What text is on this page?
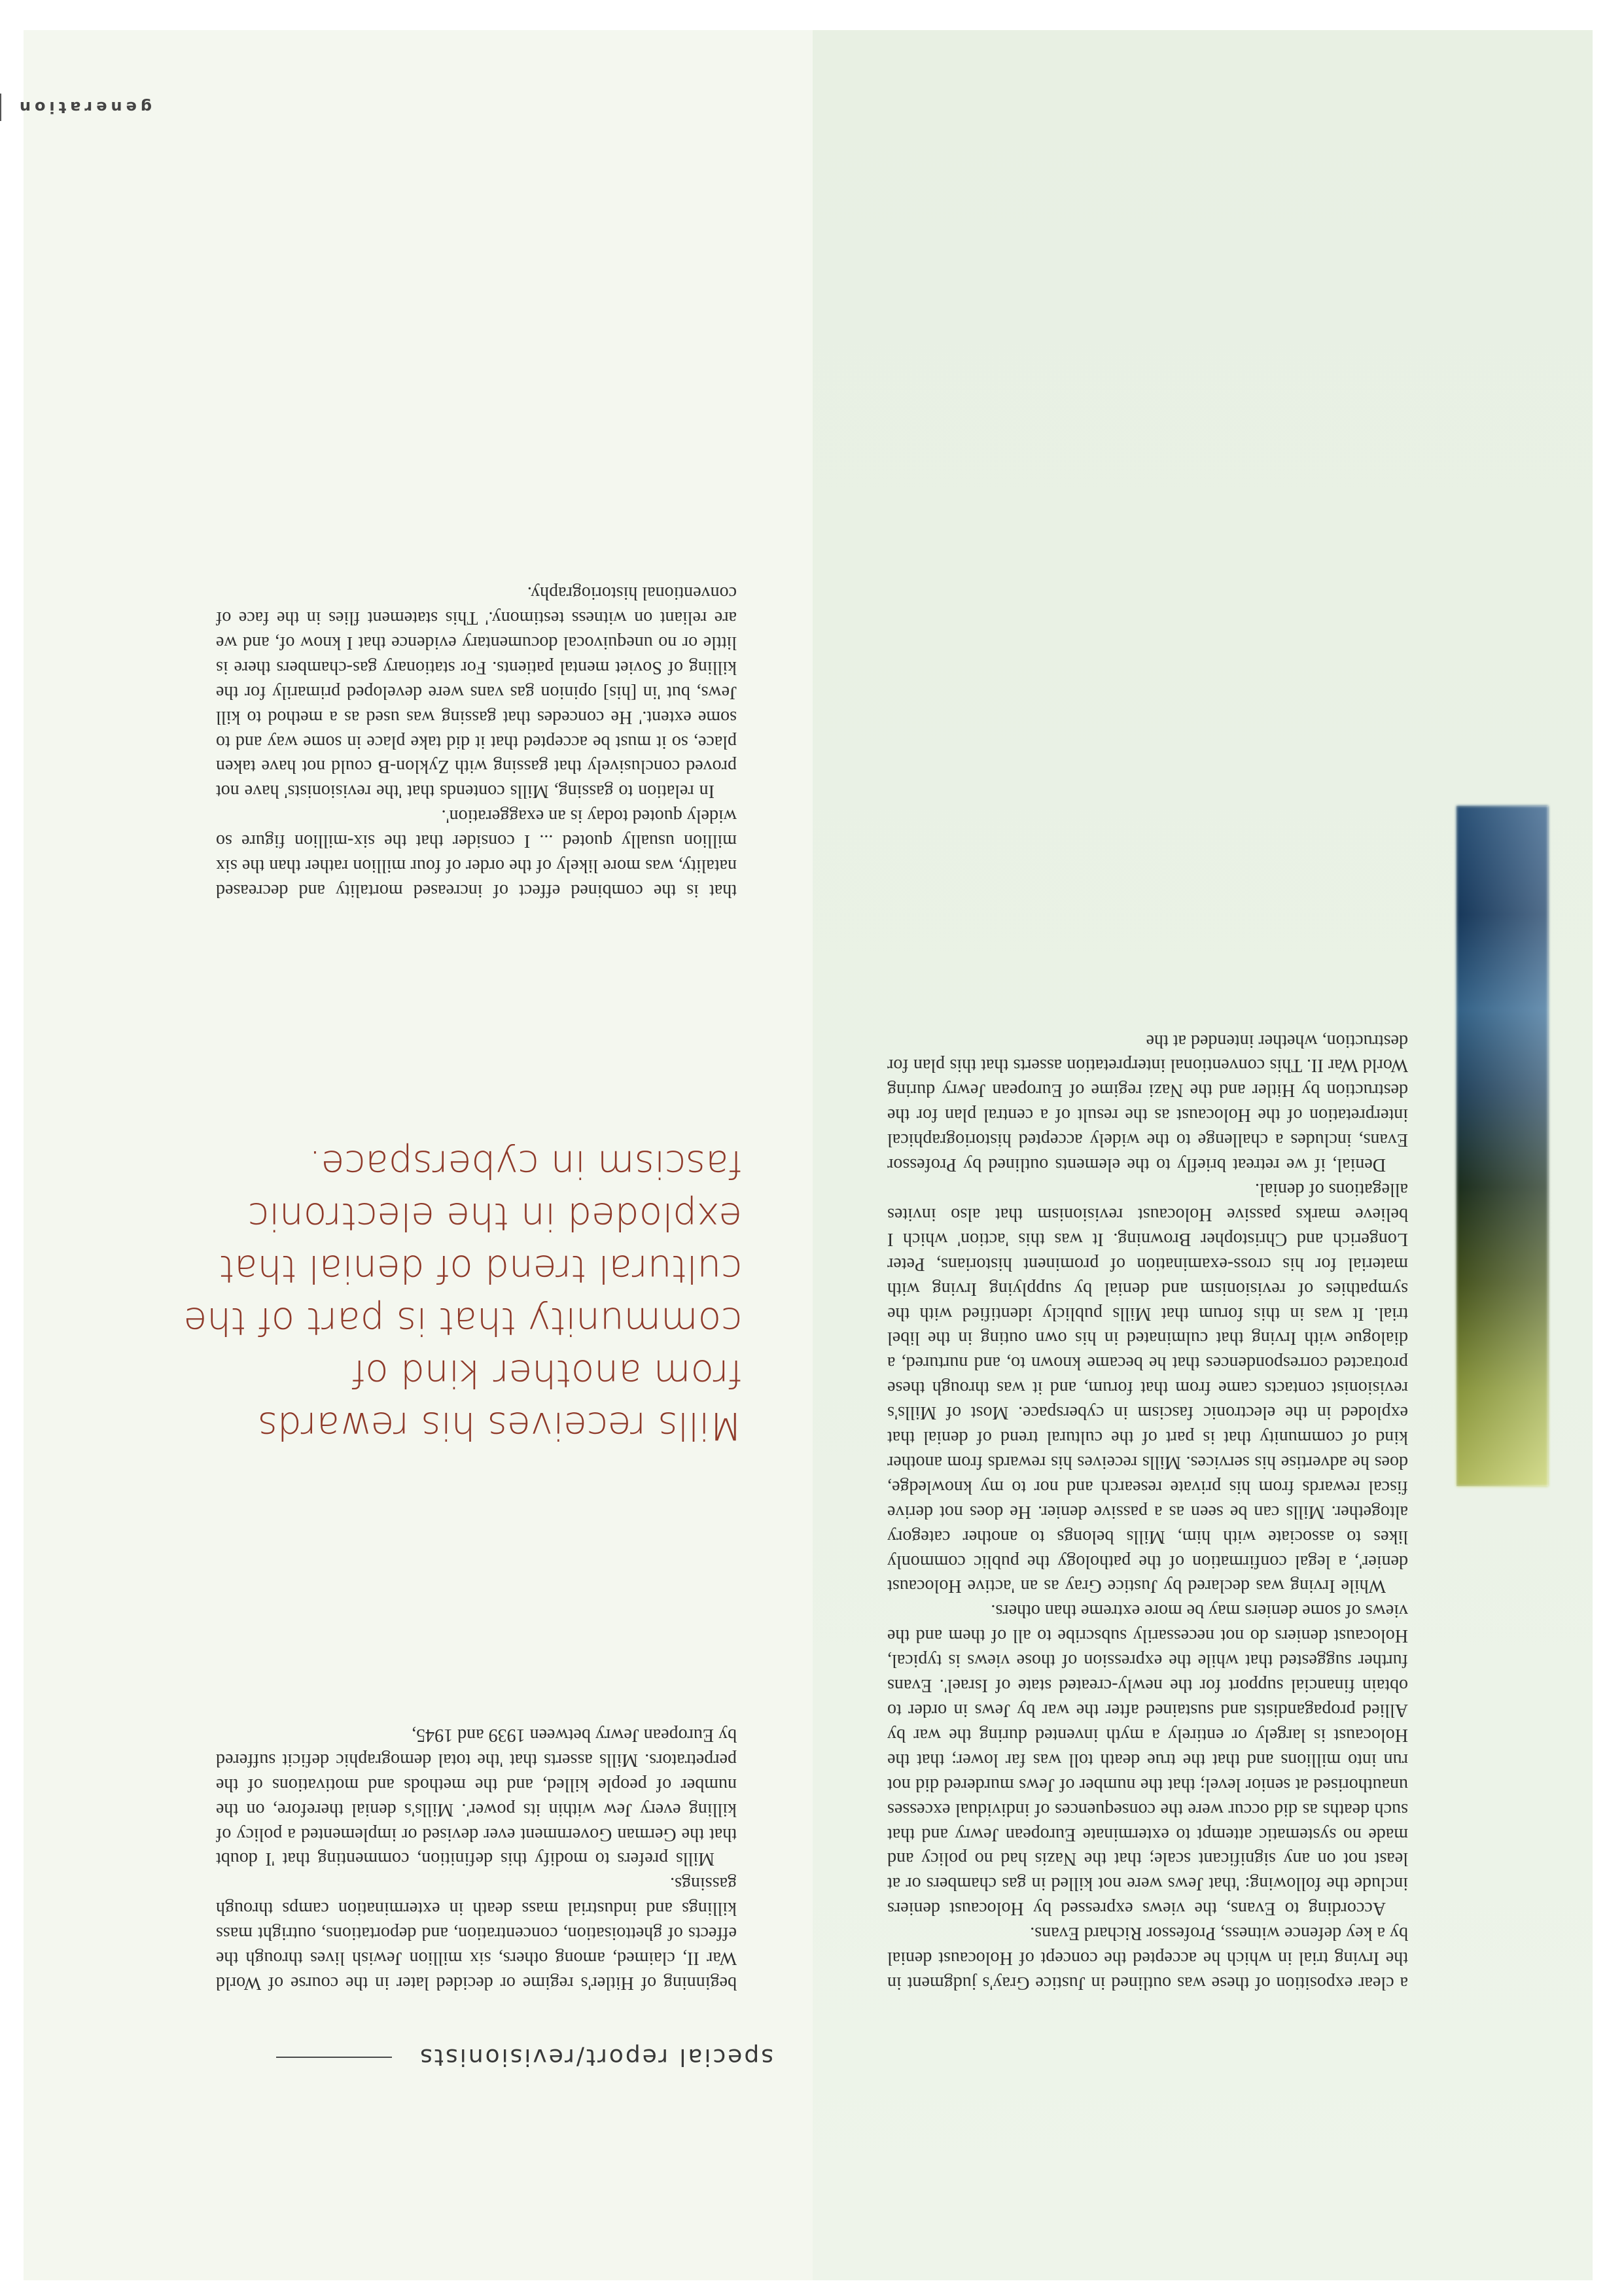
special report/revisionists

beginning of Hitler's regime or decided later in the course of World War II, claimed, among others, six million Jewish lives through the effects of ghettoisation, concentration, and deportations, outright mass killings and industrial mass death in extermination camps through gassings.

Mills prefers to modify this definition, commenting that 'I doubt that the German Government ever devised or implemented a policy of killing every Jew within its power'. Mills's denial therefore, on the number of people killed, and the methods and motivations of the perpetrators. Mills asserts that 'the total demographic deficit suffered by European Jewry between 1939 and 1945,

Mills receives his rewards from another kind of community that is part of the cultural trend of denial that exploded in the electronic fascism in cyberspace.

that is the combined effect of increased mortality and decreased natality, was more likely of the order of four million rather than the six million usually quoted ... I consider that the six-million figure so widely quoted today is an exaggeration'.

In relation to gassing, Mills contends that 'the revisionists' have not proved conclusively that gassing with Zyklon-B could not have taken place, so it must be accepted that it did take place in some way and to some extent.' He concedes that gassing was used as a method to kill Jews, but 'in [his] opinion gas vans were developed primarily for the killing of Soviet mental patients. For stationary gas-chambers there is little or no unequivocal documentary evidence that I know of, and we are reliant on witness testimony.' This statement flies in the face of conventional historiography.

a clear exposition of these was outlined in Justice Gray's judgment in the Irving trial in which he accepted the concept of Holocaust denial by a key defence witness, Professor Richard Evans.

According to Evans, the views expressed by Holocaust deniers include the following: 'that Jews were not killed in gas chambers or at least not on any significant scale; that the Nazis had no policy and made no systematic attempt to exterminate European Jewry and that such deaths as did occur were the consequences of individual excesses unauthorised at senior level; that the number of Jews murdered did not run into millions and that the true death toll was far lower; that the Holocaust is largely or entirely a myth invented during the war by Allied propagandists and sustained after the war by Jews in order to obtain financial support for the newly-created state of Israel'. Evans further suggested that while the expression of those views is typical, Holocaust deniers do not necessarily subscribe to all of them and the views of some deniers may be more extreme than others.

While Irving was declared by Justice Gray as an 'active Holocaust denier', a legal confirmation of the pathology the public commonly likes to associate with him, Mills belongs to another category altogether. Mills can be seen as a passive denier. He does not derive fiscal rewards from his private research and nor to my knowledge, does he advertise his services. Mills receives his rewards from another kind of community that is part of the cultural trend of denial that exploded in the electronic fascism in cyberspace. Most of Mills's revisionist contacts came from that forum, and it was through these protracted correspondences that he became known to, and nurtured, a dialogue with Irving that culminated in his own outing in the libel trial. It was in this forum that Mills publicly identified with the sympathies of revisionism and denial by supplying Irving with material for his cross-examination of prominent historians, Peter Longerich and Christopher Browning. It was this 'action' which I believe marks passive Holocaust revisionism that also invites allegations of denial.

Denial, if we retreat briefly to the elements outlined by Professor Evans, includes a challenge to the widely accepted historiographical interpretation of the Holocaust as the result of a central plan for the destruction by Hitler and the Nazi regime of European Jewry during World War II. This conventional interpretation asserts that this plan for destruction, whether intended at the

generation
